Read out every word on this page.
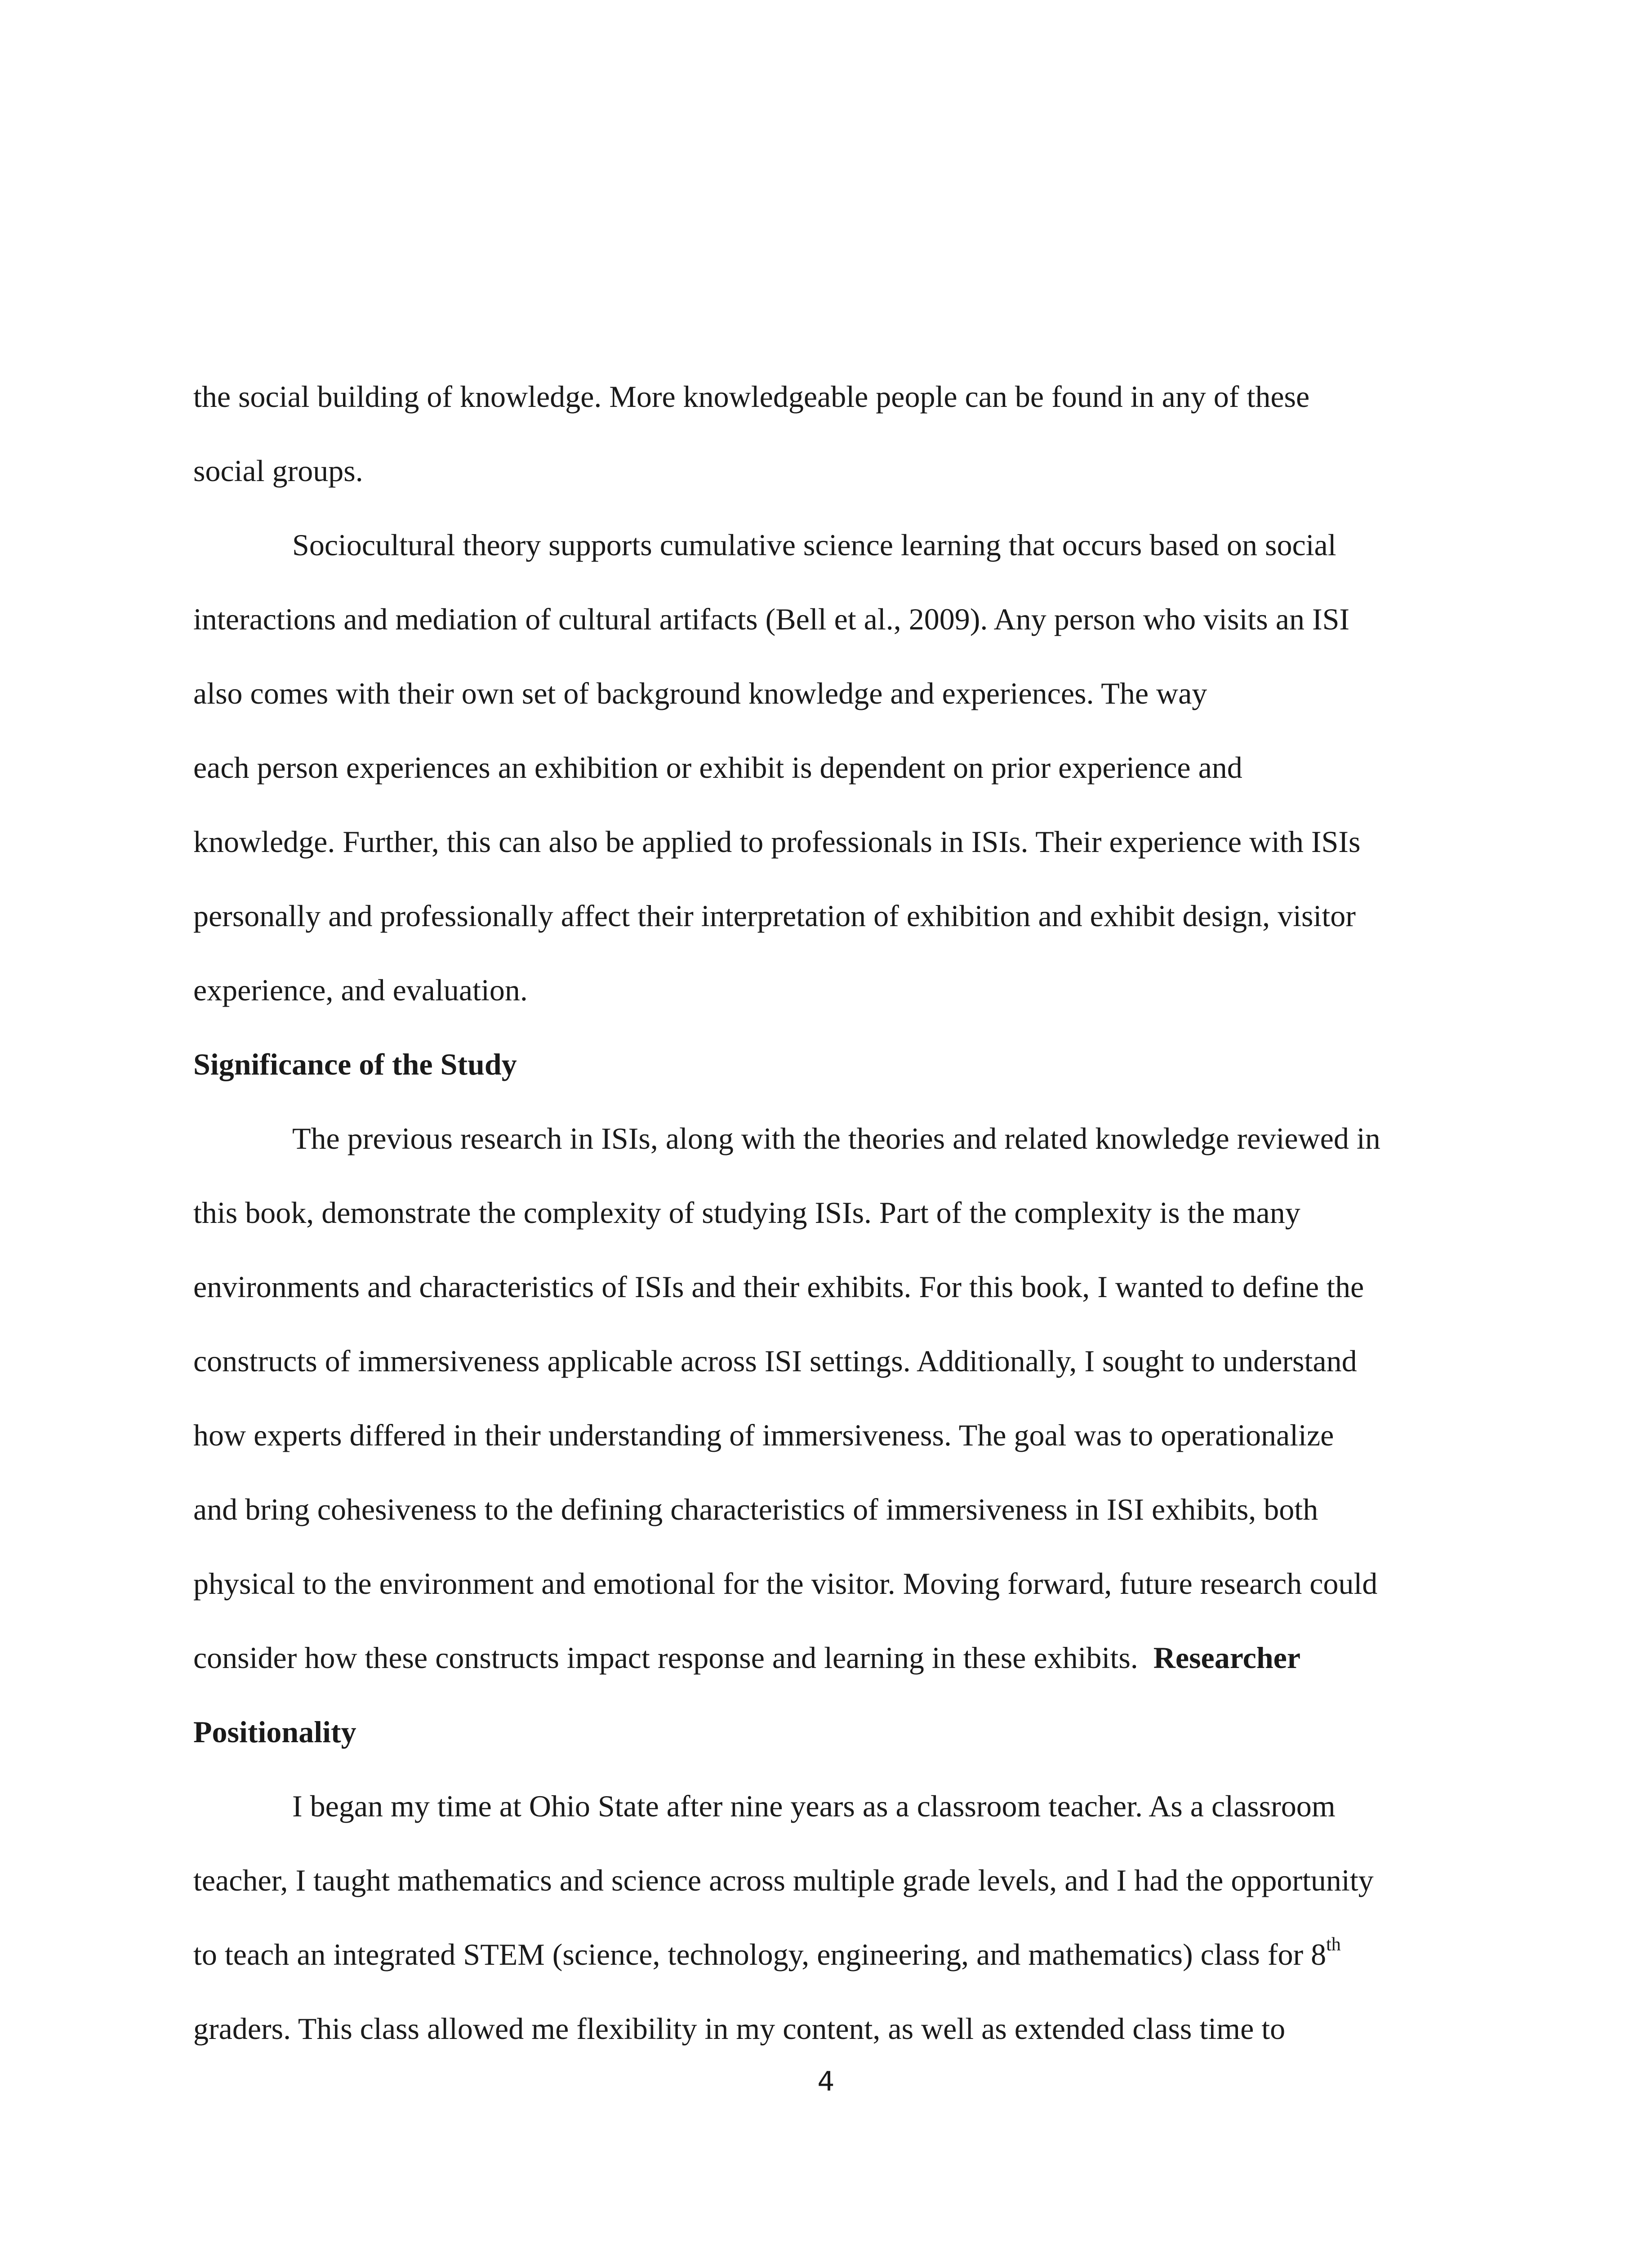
the social building of knowledge. More knowledgeable people can be found in any of these
social groups.
Sociocultural theory supports cumulative science learning that occurs based on social
interactions and mediation of cultural artifacts (Bell et al., 2009). Any person who visits an ISI
also comes with their own set of background knowledge and experiences. The way
each person experiences an exhibition or exhibit is dependent on prior experience and
knowledge. Further, this can also be applied to professionals in ISIs. Their experience with ISIs
personally and professionally affect their interpretation of exhibition and exhibit design, visitor
experience, and evaluation.
Significance of the Study
The previous research in ISIs, along with the theories and related knowledge reviewed in
this book, demonstrate the complexity of studying ISIs. Part of the complexity is the many
environments and characteristics of ISIs and their exhibits. For this book, I wanted to define the
constructs of immersiveness applicable across ISI settings. Additionally, I sought to understand
how experts differed in their understanding of immersiveness. The goal was to operationalize
and bring cohesiveness to the defining characteristics of immersiveness in ISI exhibits, both
physical to the environment and emotional for the visitor. Moving forward, future research could
consider how these constructs impact response and learning in these exhibits. Researcher
Positionality
I began my time at Ohio State after nine years as a classroom teacher. As a classroom
teacher, I taught mathematics and science across multiple grade levels, and I had the opportunity
to teach an integrated STEM (science, technology, engineering, and mathematics) class for 8th
graders. This class allowed me flexibility in my content, as well as extended class time to
4
